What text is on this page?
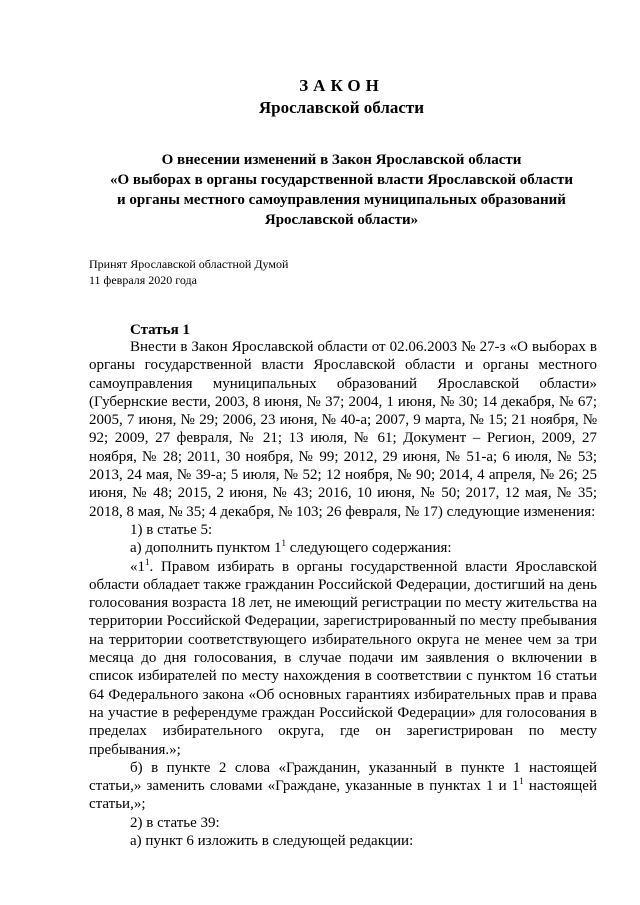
ЗАКОН
Ярославской области
О внесении изменений в Закон Ярославской области
«О выборах в органы государственной власти Ярославской области
и органы местного самоуправления муниципальных образований
Ярославской области»
Принят Ярославской областной Думой
11 февраля 2020 года
Статья 1

Внести в Закон Ярославской области от 02.06.2003 № 27-з «О выборах в органы государственной власти Ярославской области и органы местного самоуправления муниципальных образований Ярославской области» (Губернские вести, 2003, 8 июня, № 37; 2004, 1 июня, № 30; 14 декабря, № 67; 2005, 7 июня, № 29; 2006, 23 июня, № 40-а; 2007, 9 марта, № 15; 21 ноября, № 92; 2009, 27 февраля, № 21; 13 июля, № 61; Документ – Регион, 2009, 27 ноября, № 28; 2011, 30 ноября, № 99; 2012, 29 июня, № 51-а; 6 июля, № 53; 2013, 24 мая, № 39-а; 5 июля, № 52; 12 ноября, № 90; 2014, 4 апреля, № 26; 25 июня, № 48; 2015, 2 июня, № 43; 2016, 10 июня, № 50; 2017, 12 мая, № 35; 2018, 8 мая, № 35; 4 декабря, № 103; 26 февраля, № 17) следующие изменения:

1) в статье 5:

а) дополнить пунктом $1^1$ следующего содержания:

«$1^1$. Правом избирать в органы государственной власти Ярославской области обладает также гражданин Российской Федерации, достигший на день голосования возраста 18 лет, не имеющий регистрации по месту жительства на территории Российской Федерации, зарегистрированный по месту пребывания на территории соответствующего избирательного округа не менее чем за три месяца до дня голосования, в случае подачи им заявления о включении в список избирателей по месту нахождения в соответствии с пунктом 16 статьи 64 Федерального закона «Об основных гарантиях избирательных прав и права на участие в референдуме граждан Российской Федерации» для голосования в пределах избирательного округа, где он зарегистрирован по месту пребывания.»;

б) в пункте 2 слова «Гражданин, указанный в пункте 1 настоящей статьи,» заменить словами «Граждане, указанные в пунктах 1 и $1^1$ настоящей статьи,»;

2) в статье 39:

а) пункт 6 изложить в следующей редакции:
